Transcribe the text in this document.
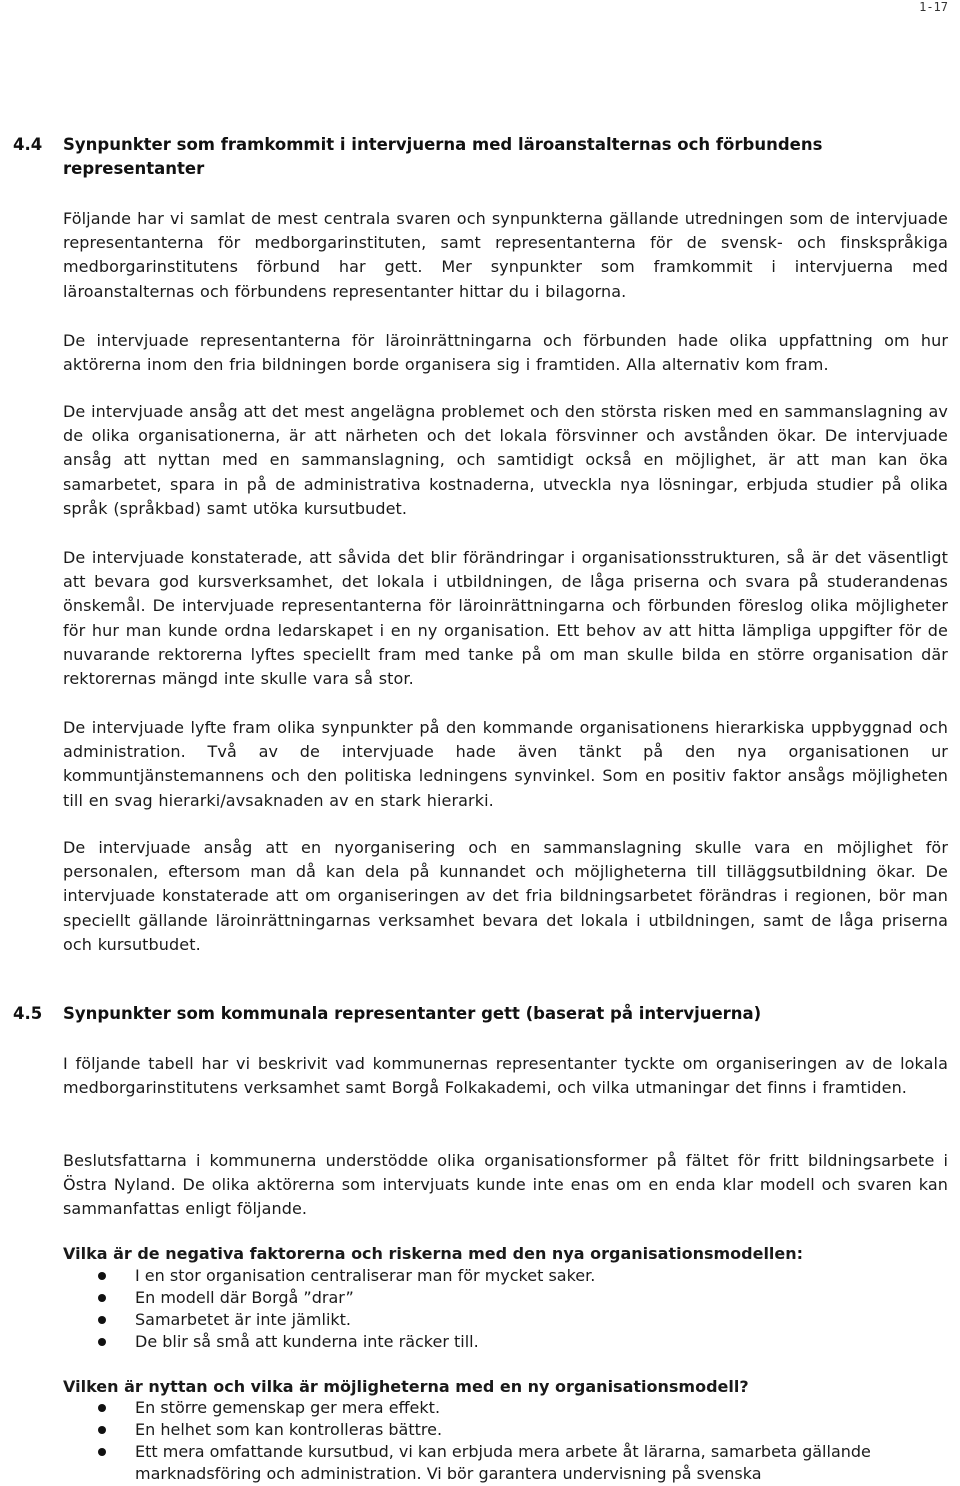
1-17
4.4	Synpunkter som framkommit i intervjuerna med läroanstalternas och förbundens representanter

Följande har vi samlat de mest centrala svaren och synpunkterna gällande utredningen som de intervjuade representanterna för medborgarinstituten, samt representanterna för de svensk- och finskspråkiga medborgarinstitutens förbund har gett. Mer synpunkter som framkommit i intervjuerna med läroanstalternas och förbundens representanter hittar du i bilagorna.

De intervjuade representanterna för läroinrättningarna och förbunden hade olika uppfattning om hur aktörerna inom den fria bildningen borde organisera sig i framtiden. Alla alternativ kom fram.

De intervjuade ansåg att det mest angelägna problemet och den största risken med en sammanslagning av de olika organisationerna, är att närheten och det lokala försvinner och avstånden ökar. De intervjuade ansåg att nyttan med en sammanslagning, och samtidigt också en möjlighet, är att man kan öka samarbetet, spara in på de administrativa kostnaderna, utveckla nya lösningar, erbjuda studier på olika språk (språkbad) samt utöka kursutbudet.

De intervjuade konstaterade, att såvida det blir förändringar i organisationsstrukturen, så är det väsentligt att bevara god kursverksamhet, det lokala i utbildningen, de låga priserna och svara på studerandenas önskemål. De intervjuade representanterna för läroinrättningarna och förbunden föreslog olika möjligheter för hur man kunde ordna ledarskapet i en ny organisation. Ett behov av att hitta lämpliga uppgifter för de nuvarande rektorerna lyftes speciellt fram med tanke på om man skulle bilda en större organisation där rektorernas mängd inte skulle vara så stor.

De intervjuade lyfte fram olika synpunkter på den kommande organisationens hierarkiska uppbyggnad och administration. Två av de intervjuade hade även tänkt på den nya organisationen ur kommuntjänstemannens och den politiska ledningens synvinkel. Som en positiv faktor ansågs möjligheten till en svag hierarki/avsaknaden av en stark hierarki.

De intervjuade ansåg att en nyorganisering och en sammanslagning skulle vara en möjlighet för personalen, eftersom man då kan dela på kunnandet och möjligheterna till tilläggsutbildning ökar. De intervjuade konstaterade att om organiseringen av det fria bildningsarbetet förändras i regionen, bör man speciellt gällande läroinrättningarnas verksamhet bevara det lokala i utbildningen, samt de låga priserna och kursutbudet.

4.5	Synpunkter som kommunala representanter gett (baserat på intervjuerna)

I följande tabell har vi beskrivit vad kommunernas representanter tyckte om organiseringen av de lokala medborgarinstitutens verksamhet samt Borgå Folkakademi, och vilka utmaningar det finns i framtiden.

Beslutsfattarna i kommunerna understödde olika organisationsformer på fältet för fritt bildningsarbete i Östra Nyland. De olika aktörerna som intervjuats kunde inte enas om en enda klar modell och svaren kan sammanfattas enligt följande.

Vilka är de negativa faktorerna och riskerna med den nya organisationsmodellen:
I en stor organisation centraliserar man för mycket saker.
En modell där Borgå ”drar”
Samarbetet är inte jämlikt.
De blir så små att kunderna inte räcker till.
Vilken är nyttan och vilka är möjligheterna med en ny organisationsmodell?
En större gemenskap ger mera effekt.
En helhet som kan kontrolleras bättre.
Ett mera omfattande kursutbud, vi kan erbjuda mera arbete åt lärarna, samarbeta gällande marknadsföring och administration. Vi bör garantera undervisning på svenska
